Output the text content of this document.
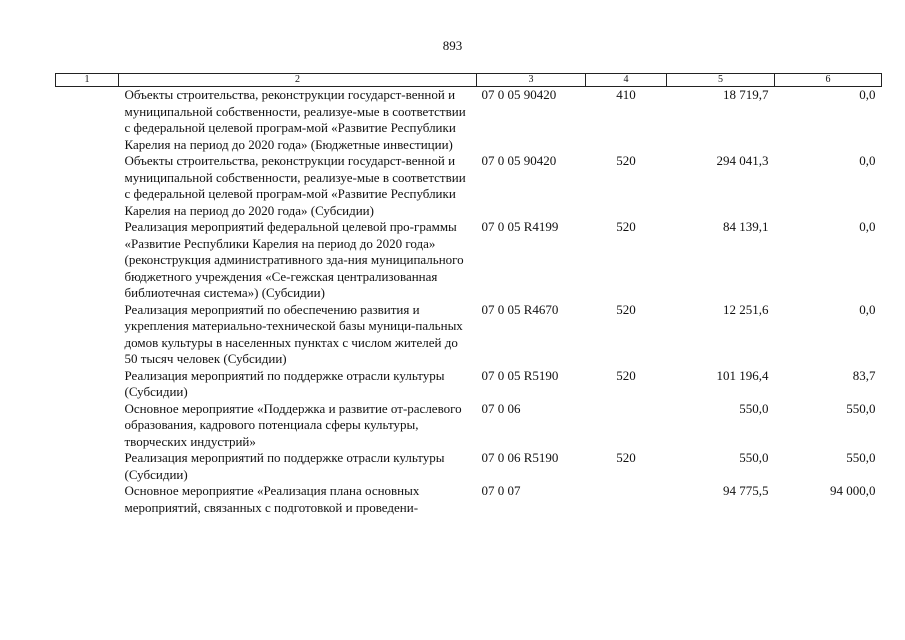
893
1	2	3	4	5	6
	Объекты строительства, реконструкции государст-венной и муниципальной собственности, реализуе-мые в соответствии с федеральной целевой програм-мой «Развитие Республики Карелия на период до 2020 года» (Бюджетные инвестиции)	07 0 05 90420	410	18 719,7	0,0
	Объекты строительства, реконструкции государст-венной и муниципальной собственности, реализуе-мые в соответствии с федеральной целевой програм-мой «Развитие Республики Карелия на период до 2020 года» (Субсидии)	07 0 05 90420	520	294 041,3	0,0
	Реализация мероприятий федеральной целевой про-граммы «Развитие Республики Карелия на период до 2020 года» (реконструкция административного зда-ния муниципального бюджетного учреждения «Се-гежская централизованная библиотечная система») (Субсидии)	07 0 05 R4199	520	84 139,1	0,0
	Реализация мероприятий по обеспечению развития и укрепления материально-технической базы муници-пальных домов культуры в населенных пунктах с числом жителей до 50 тысяч человек (Субсидии)	07 0 05 R4670	520	12 251,6	0,0
	Реализация мероприятий по поддержке отрасли культуры (Субсидии)	07 0 05 R5190	520	101 196,4	83,7
	Основное мероприятие «Поддержка и развитие от-раслевого образования, кадрового потенциала сферы культуры, творческих индустрий»	07 0 06		550,0	550,0
	Реализация мероприятий по поддержке отрасли культуры (Субсидии)	07 0 06 R5190	520	550,0	550,0
	Основное мероприятие «Реализация плана основных мероприятий, связанных с подготовкой и проведени-	07 0 07		94 775,5	94 000,0
